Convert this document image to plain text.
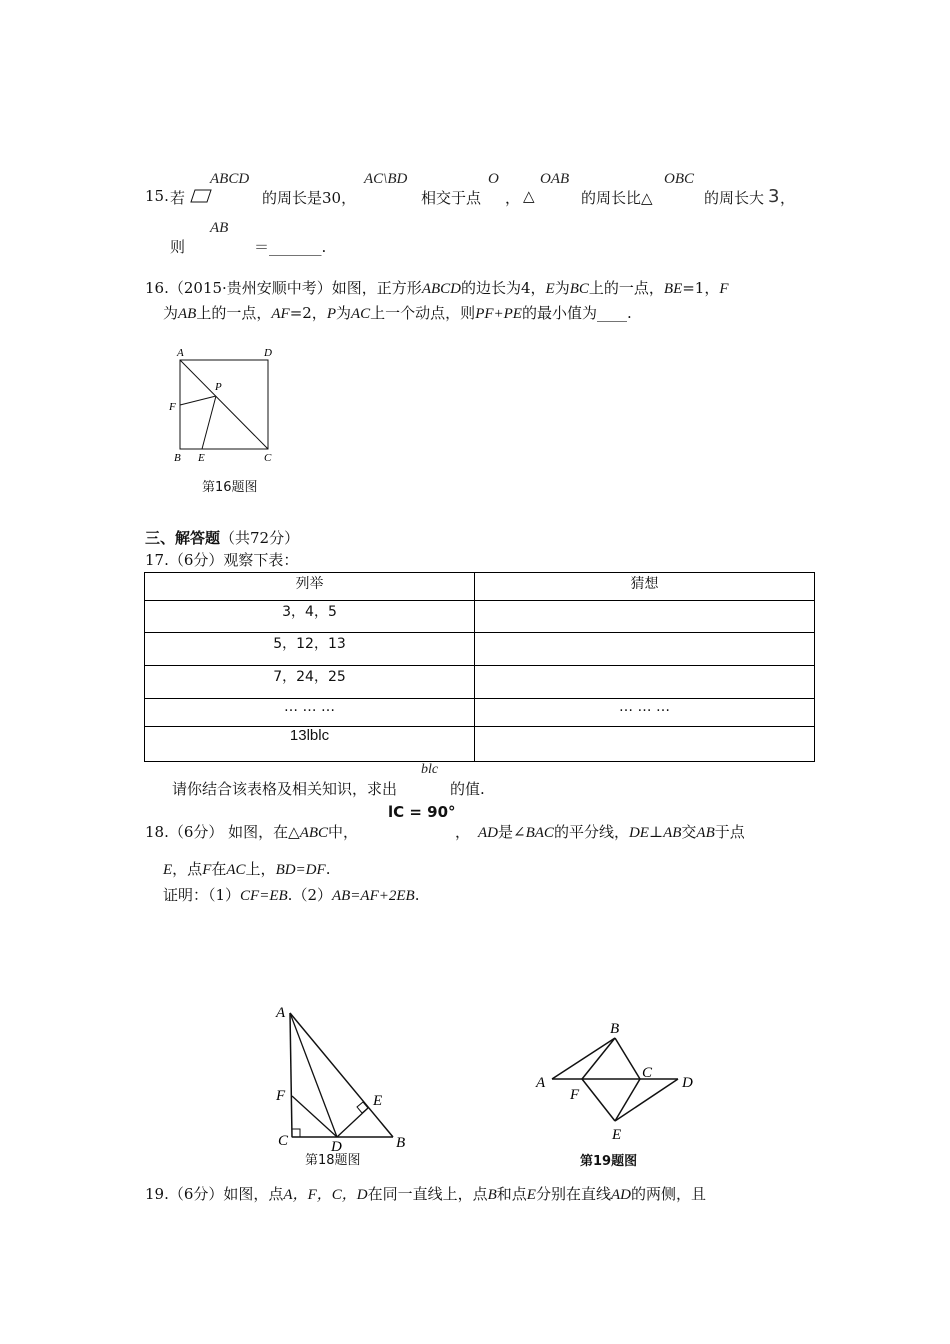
15. 若
ABCD
的周长是30，
AC\BD
相交于点
O
， △
OAB
的周长比△
OBC
的周长大 3 ，
则
AB
＝_______.
16.（2015·贵州安顺中考）如图，正方形ABCD的边长为4，E为BC上的一点，BE=1，F
为AB上的一点，AF=2，P为AC上一个动点，则PF+PE的最小值为____.
A	D
P
F
B E	C
第16题图
三、解答题（共72分）
17.（6分）观察下表：
列举	猜想
3，4，5	
5，12，13	
7，24，25	
… … …	… … …
13lblc	
请你结合该表格及相关知识，求出
blc
的值.
lC = 90°
18.（6分） 如图，在△ABC中，	， AD是∠BAC的平分线，DE⊥AB交AB于点
E，点F在AC上，BD=DF.
证明：（1）CF=EB.（2）AB=AF+2EB.
A
F	E
C	D	B
第18题图
B
A
C
D
F
E
第19题图
19.（6分）如图，点A，F，C，D在同一直线上，点B和点E分别在直线AD的两侧，且
